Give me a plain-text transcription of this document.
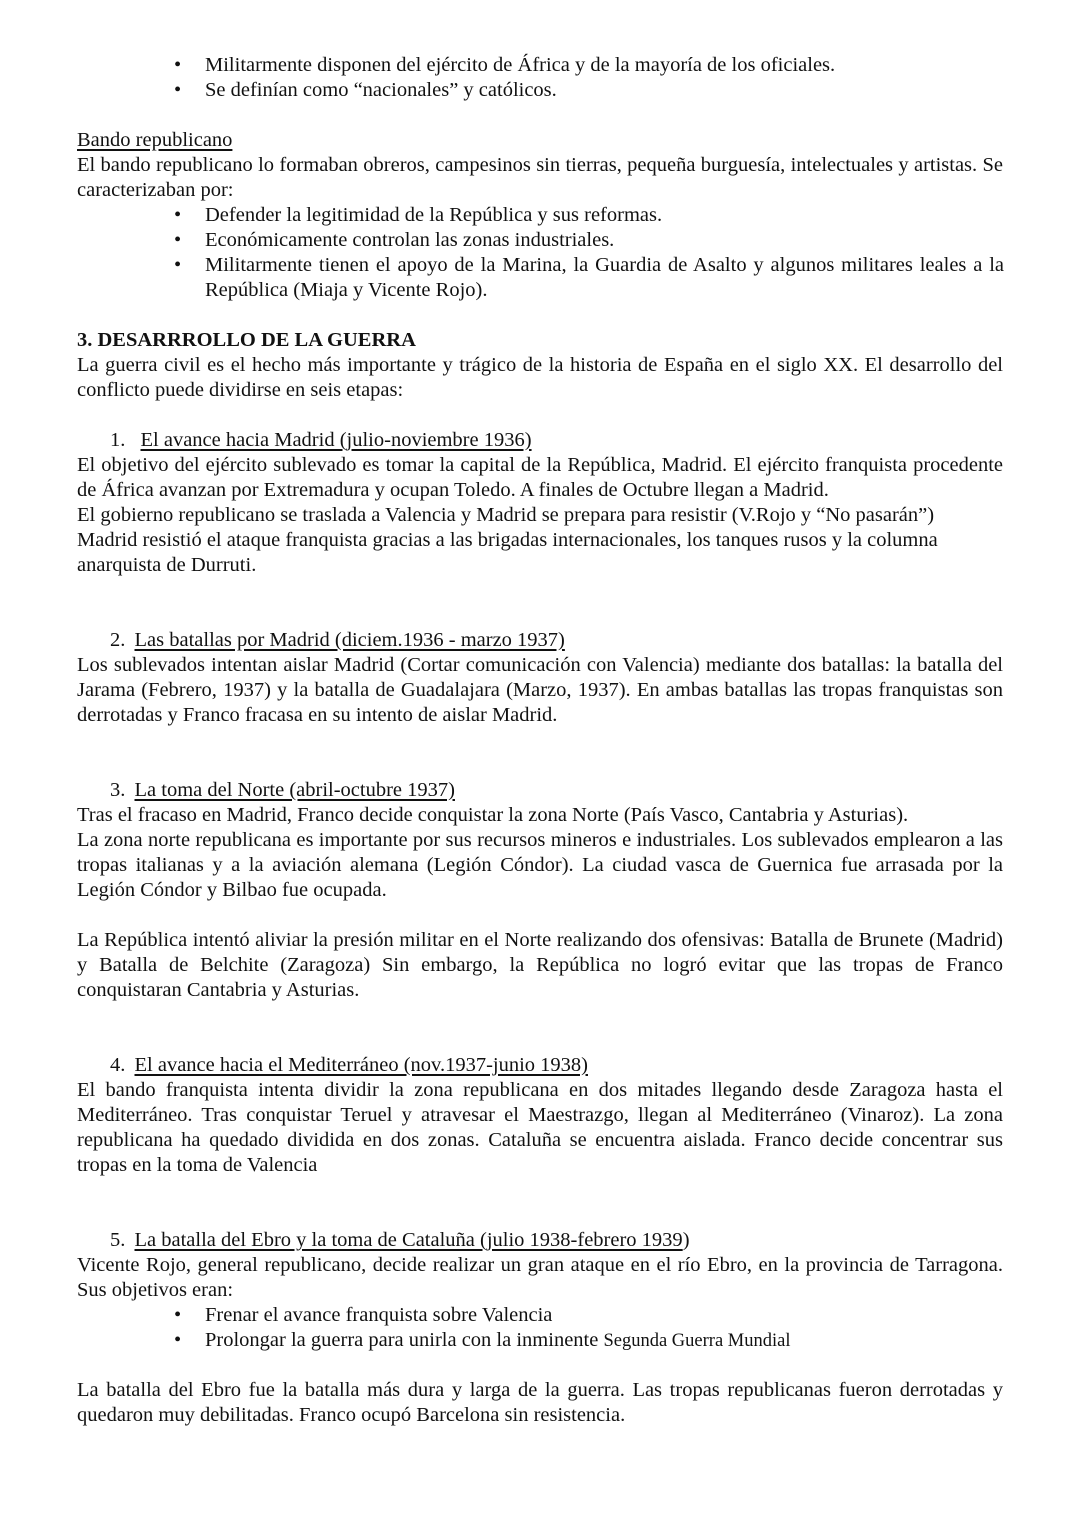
• Militarmente disponen del ejército de África y de la mayoría de los oficiales.
• Se definían como “nacionales” y católicos.

Bando republicano

El bando republicano lo formaban obreros, campesinos sin tierras, pequeña burguesía, intelectuales y artistas. Se caracterizaban por:

• Defender la legitimidad de la República y sus reformas.
• Económicamente controlan las zonas industriales.
• Militarmente tienen el apoyo de la Marina, la Guardia de Asalto y algunos militares leales a la República (Miaja y Vicente Rojo).

3. DESARRROLLO DE LA GUERRA

La guerra civil es el hecho más importante y trágico de la historia de España en el siglo XX. El desarrollo del conflicto puede dividirse en seis etapas:

1. El avance hacia Madrid (julio-noviembre 1936)

El objetivo del ejército sublevado es tomar la capital de la República, Madrid. El ejército franquista procedente de África avanzan por Extremadura y ocupan Toledo. A finales de Octubre llegan a Madrid.

El gobierno republicano se traslada a Valencia y Madrid se prepara para resistir (V.Rojo y “No pasarán”)

Madrid resistió el ataque franquista gracias a las brigadas internacionales, los tanques rusos y la columna anarquista de Durruti.

2. Las batallas por Madrid (diciem.1936 - marzo 1937)

Los sublevados intentan aislar Madrid (Cortar comunicación con Valencia) mediante dos batallas: la batalla del Jarama (Febrero, 1937) y la batalla de Guadalajara (Marzo, 1937). En ambas batallas las tropas franquistas son derrotadas y Franco fracasa en su intento de aislar Madrid.

3. La toma del Norte (abril-octubre 1937)

Tras el fracaso en Madrid, Franco decide conquistar la zona Norte (País Vasco, Cantabria y Asturias).

La zona norte republicana es importante por sus recursos mineros e industriales. Los sublevados emplearon a las tropas italianas y a la aviación alemana (Legión Cóndor). La ciudad vasca de Guernica fue arrasada por la Legión Cóndor y Bilbao fue ocupada.

La República intentó aliviar la presión militar en el Norte realizando dos ofensivas: Batalla de Brunete (Madrid) y Batalla de Belchite (Zaragoza) Sin embargo, la República no logró evitar que las tropas de Franco conquistaran Cantabria y Asturias.

4. El avance hacia el Mediterráneo (nov.1937-junio 1938)

El bando franquista intenta dividir la zona republicana en dos mitades llegando desde Zaragoza hasta el Mediterráneo. Tras conquistar Teruel y atravesar el Maestrazgo, llegan al Mediterráneo (Vinaroz). La zona republicana ha quedado dividida en dos zonas. Cataluña se encuentra aislada. Franco decide concentrar sus tropas en la toma de Valencia

5. La batalla del Ebro y la toma de Cataluña (julio 1938-febrero 1939)

Vicente Rojo, general republicano, decide realizar un gran ataque en el río Ebro, en la provincia de Tarragona. Sus objetivos eran:

• Frenar el avance franquista sobre Valencia
• Prolongar la guerra para unirla con la inminente Segunda Guerra Mundial

La batalla del Ebro fue la batalla más dura y larga de la guerra. Las tropas republicanas fueron derrotadas y quedaron muy debilitadas. Franco ocupó Barcelona sin resistencia.
